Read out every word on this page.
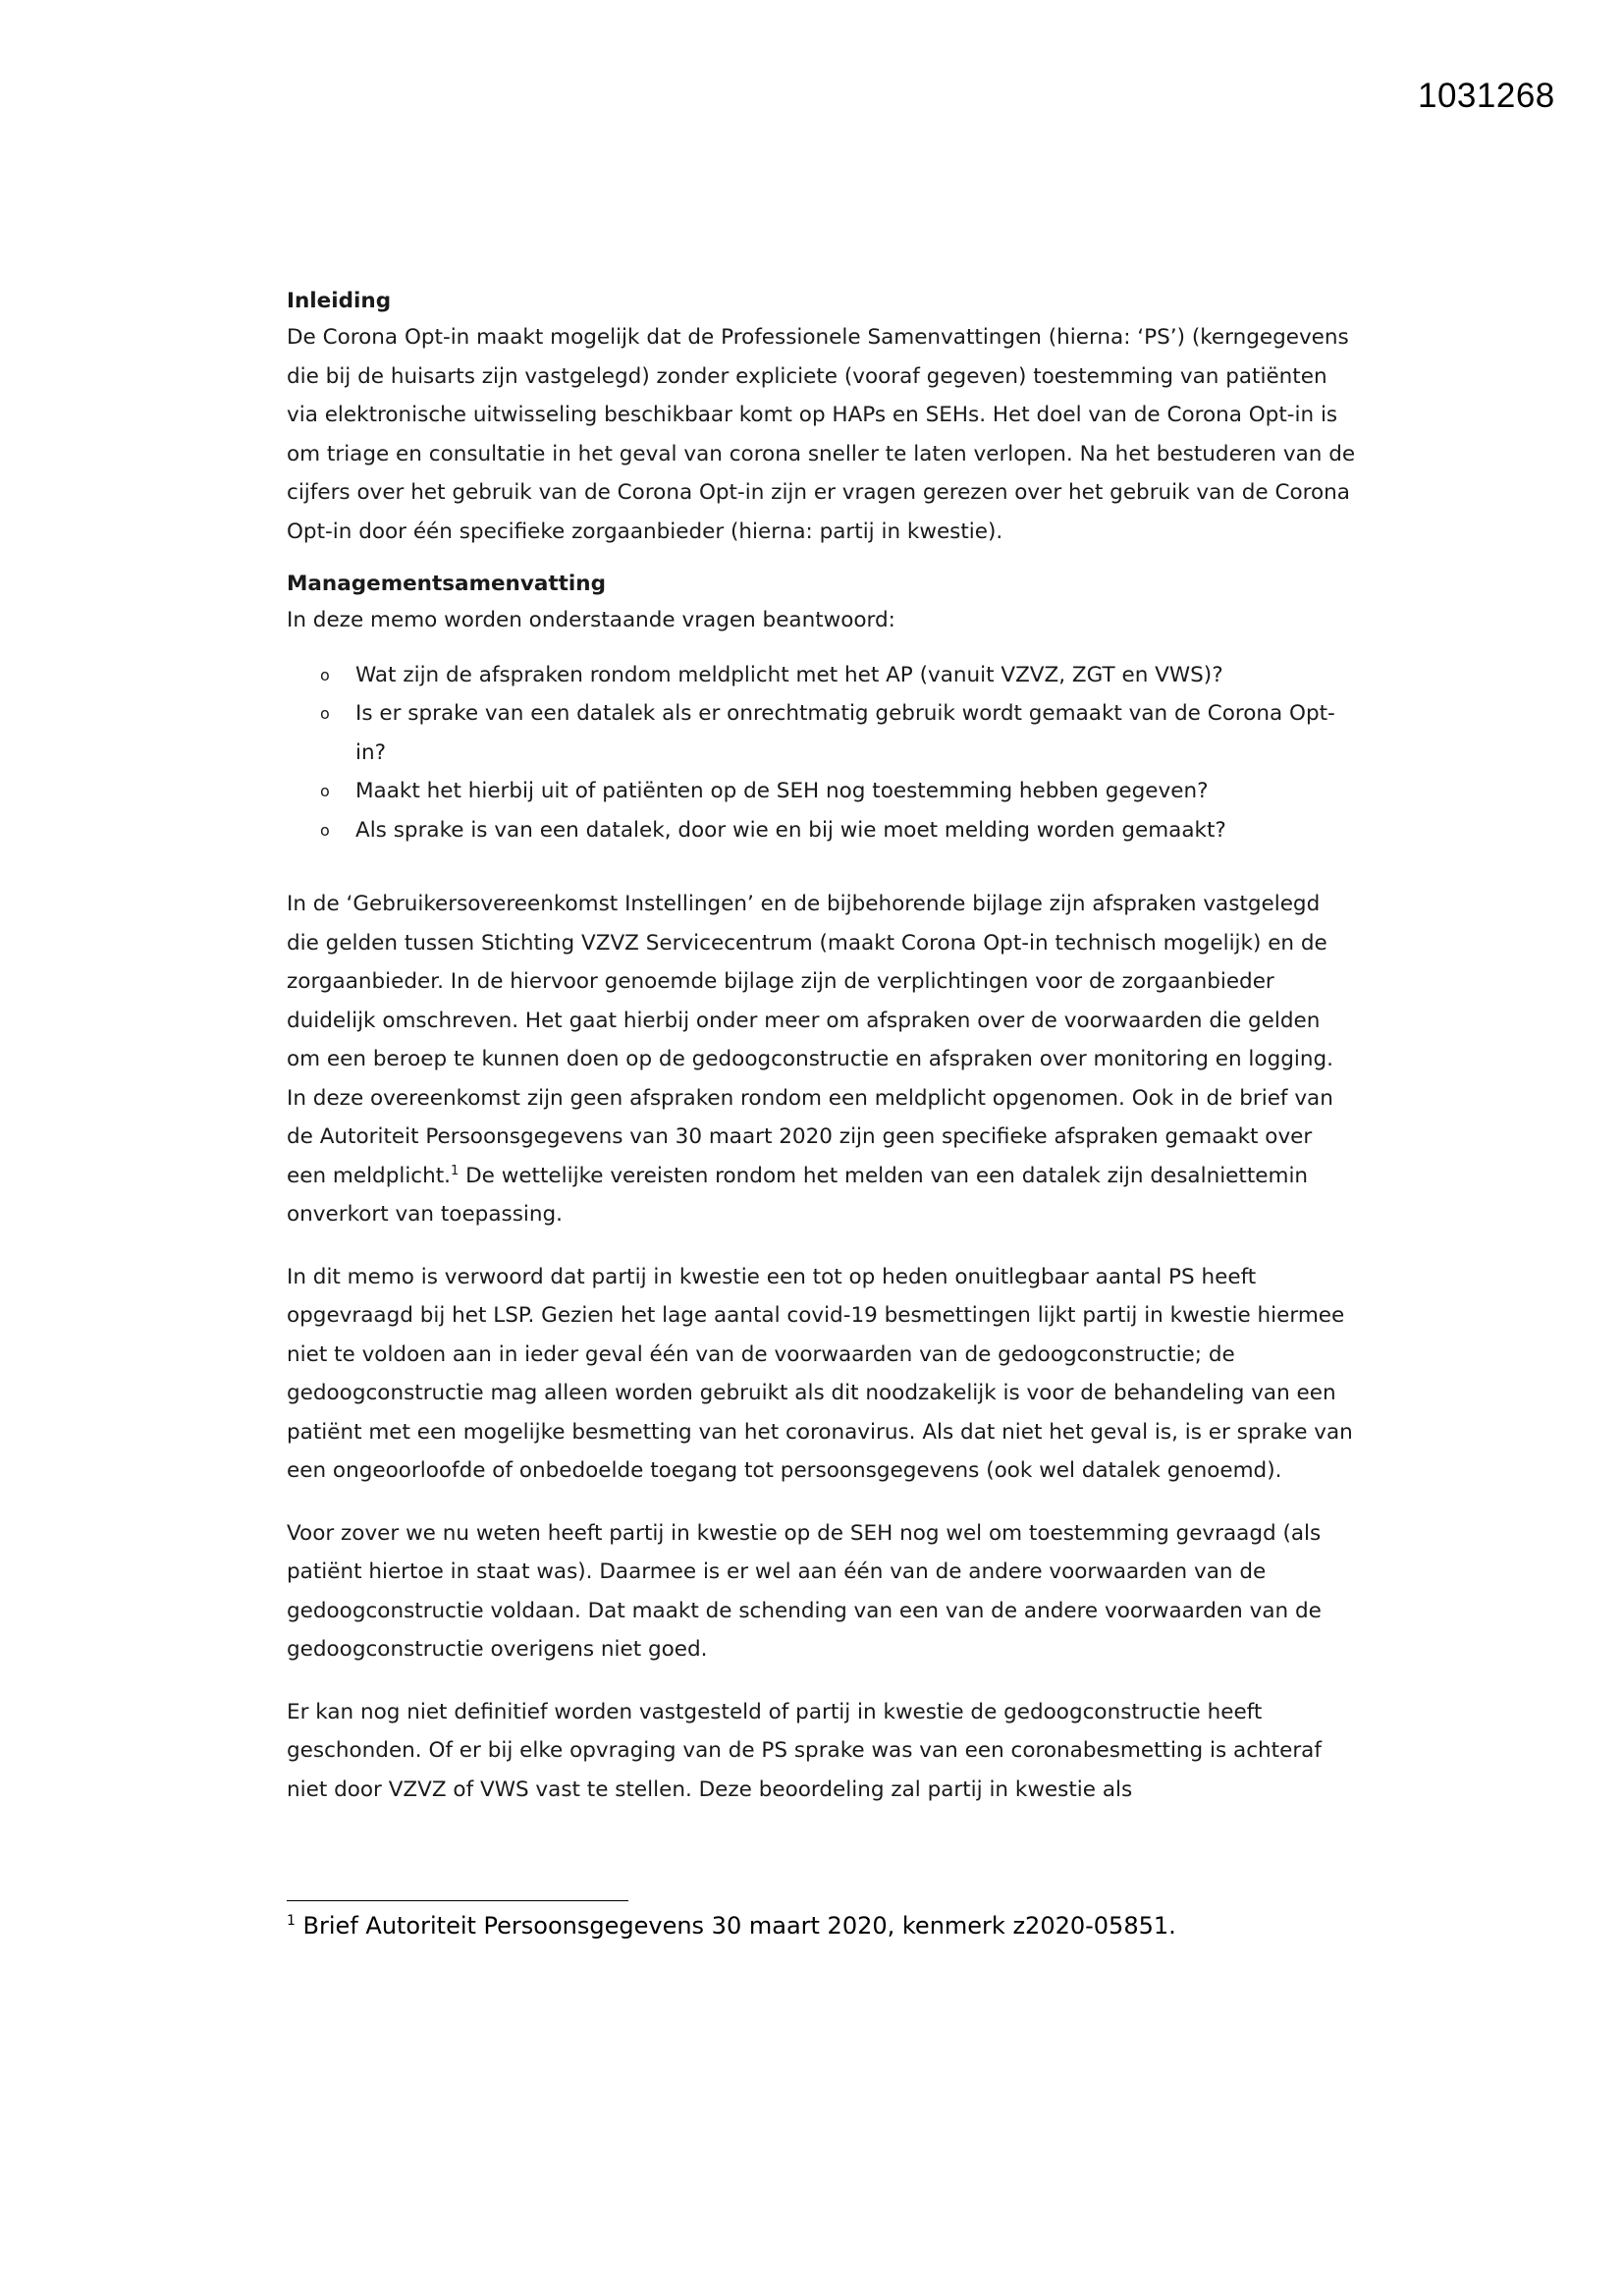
1031268

Inleiding

De Corona Opt-in maakt mogelijk dat de Professionele Samenvattingen (hierna: ‘PS’) (kerngegevens die bij de huisarts zijn vastgelegd) zonder expliciete (vooraf gegeven) toestemming van patiënten via elektronische uitwisseling beschikbaar komt op HAPs en SEHs. Het doel van de Corona Opt-in is om triage en consultatie in het geval van corona sneller te laten verlopen. Na het bestuderen van de cijfers over het gebruik van de Corona Opt-in zijn er vragen gerezen over het gebruik van de Corona Opt-in door één specifieke zorgaanbieder (hierna: partij in kwestie).

Managementsamenvatting

In deze memo worden onderstaande vragen beantwoord:

o Wat zijn de afspraken rondom meldplicht met het AP (vanuit VZVZ, ZGT en VWS)?
o Is er sprake van een datalek als er onrechtmatig gebruik wordt gemaakt van de Corona Opt-in?
o Maakt het hierbij uit of patiënten op de SEH nog toestemming hebben gegeven?
o Als sprake is van een datalek, door wie en bij wie moet melding worden gemaakt?

In de ‘Gebruikersovereenkomst Instellingen’ en de bijbehorende bijlage zijn afspraken vastgelegd die gelden tussen Stichting VZVZ Servicecentrum (maakt Corona Opt-in technisch mogelijk) en de zorgaanbieder. In de hiervoor genoemde bijlage zijn de verplichtingen voor de zorgaanbieder duidelijk omschreven. Het gaat hierbij onder meer om afspraken over de voorwaarden die gelden om een beroep te kunnen doen op de gedoogconstructie en afspraken over monitoring en logging. In deze overeenkomst zijn geen afspraken rondom een meldplicht opgenomen. Ook in de brief van de Autoriteit Persoonsgegevens van 30 maart 2020 zijn geen specifieke afspraken gemaakt over een meldplicht.$^1$ De wettelijke vereisten rondom het melden van een datalek zijn desalniettemin onverkort van toepassing.

In dit memo is verwoord dat partij in kwestie een tot op heden onuitlegbaar aantal PS heeft opgevraagd bij het LSP. Gezien het lage aantal covid-19 besmettingen lijkt partij in kwestie hiermee niet te voldoen aan in ieder geval één van de voorwaarden van de gedoogconstructie; de gedoogconstructie mag alleen worden gebruikt als dit noodzakelijk is voor de behandeling van een patiënt met een mogelijke besmetting van het coronavirus. Als dat niet het geval is, is er sprake van een ongeoorloofde of onbedoelde toegang tot persoonsgegevens (ook wel datalek genoemd).

Voor zover we nu weten heeft partij in kwestie op de SEH nog wel om toestemming gevraagd (als patiënt hiertoe in staat was). Daarmee is er wel aan één van de andere voorwaarden van de gedoogconstructie voldaan. Dat maakt de schending van een van de andere voorwaarden van de gedoogconstructie overigens niet goed.

Er kan nog niet definitief worden vastgesteld of partij in kwestie de gedoogconstructie heeft geschonden. Of er bij elke opvraging van de PS sprake was van een coronabesmetting is achteraf niet door VZVZ of VWS vast te stellen. Deze beoordeling zal partij in kwestie als

$^1$ Brief Autoriteit Persoonsgegevens 30 maart 2020, kenmerk z2020-05851.
